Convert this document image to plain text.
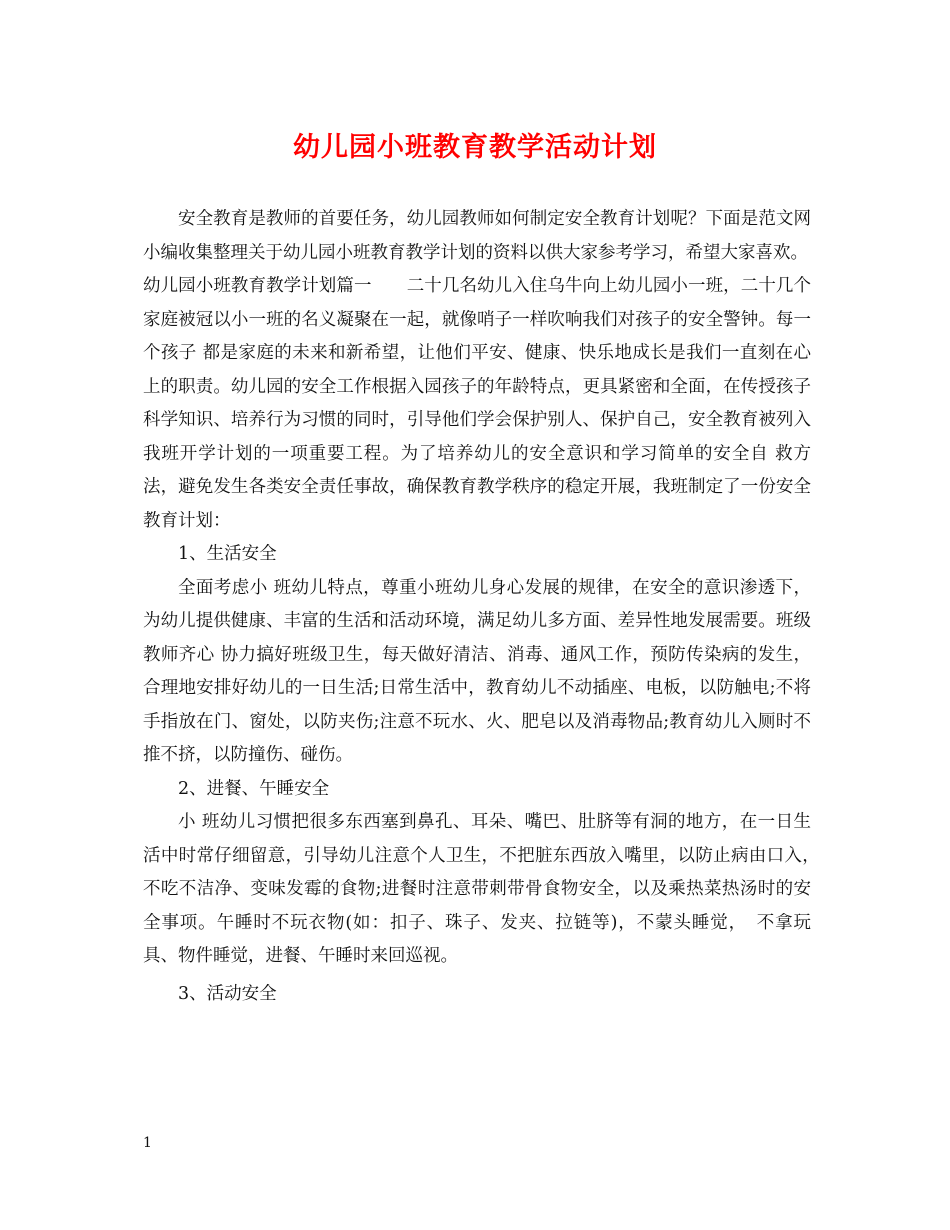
幼儿园小班教育教学活动计划

安全教育是教师的首要任务，幼儿园教师如何制定安全教育计划呢？下面是范文网小编收集整理关于幼儿园小班教育教学计划的资料以供大家参考学习，希望大家喜欢。

幼儿园小班教育教学计划篇一　　二十几名幼儿入住乌牛向上幼儿园小一班，二十几个家庭被冠以小一班的名义凝聚在一起，就像哨子一样吹响我们对孩子的安全警钟。每一个孩子 都是家庭的未来和新希望，让他们平安、健康、快乐地成长是我们一直刻在心上的职责。幼儿园的安全工作根据入园孩子的年龄特点，更具紧密和全面，在传授孩子 科学知识、培养行为习惯的同时，引导他们学会保护别人、保护自己，安全教育被列入我班开学计划的一项重要工程。为了培养幼儿的安全意识和学习简单的安全自 救方法，避免发生各类安全责任事故，确保教育教学秩序的稳定开展，我班制定了一份安全教育计划：

1、生活安全

全面考虑小 班幼儿特点，尊重小班幼儿身心发展的规律，在安全的意识渗透下，为幼儿提供健康、丰富的生活和活动环境，满足幼儿多方面、差异性地发展需要。班级教师齐心 协力搞好班级卫生，每天做好清洁、消毒、通风工作，预防传染病的发生，合理地安排好幼儿的一日生活;日常生活中，教育幼儿不动插座、电板，以防触电;不将 手指放在门、窗处，以防夹伤;注意不玩水、火、肥皂以及消毒物品;教育幼儿入厕时不推不挤，以防撞伤、碰伤。

2、进餐、午睡安全

小 班幼儿习惯把很多东西塞到鼻孔、耳朵、嘴巴、肚脐等有洞的地方，在一日生活中时常仔细留意，引导幼儿注意个人卫生，不把脏东西放入嘴里，以防止病由口入，　不吃不洁净、变味发霉的食物;进餐时注意带刺带骨食物安全，以及乘热菜热汤时的安全事项。午睡时不玩衣物(如：扣子、珠子、发夹、拉链等)，不蒙头睡觉，　不拿玩具、物件睡觉，进餐、午睡时来回巡视。

3、活动安全

1
